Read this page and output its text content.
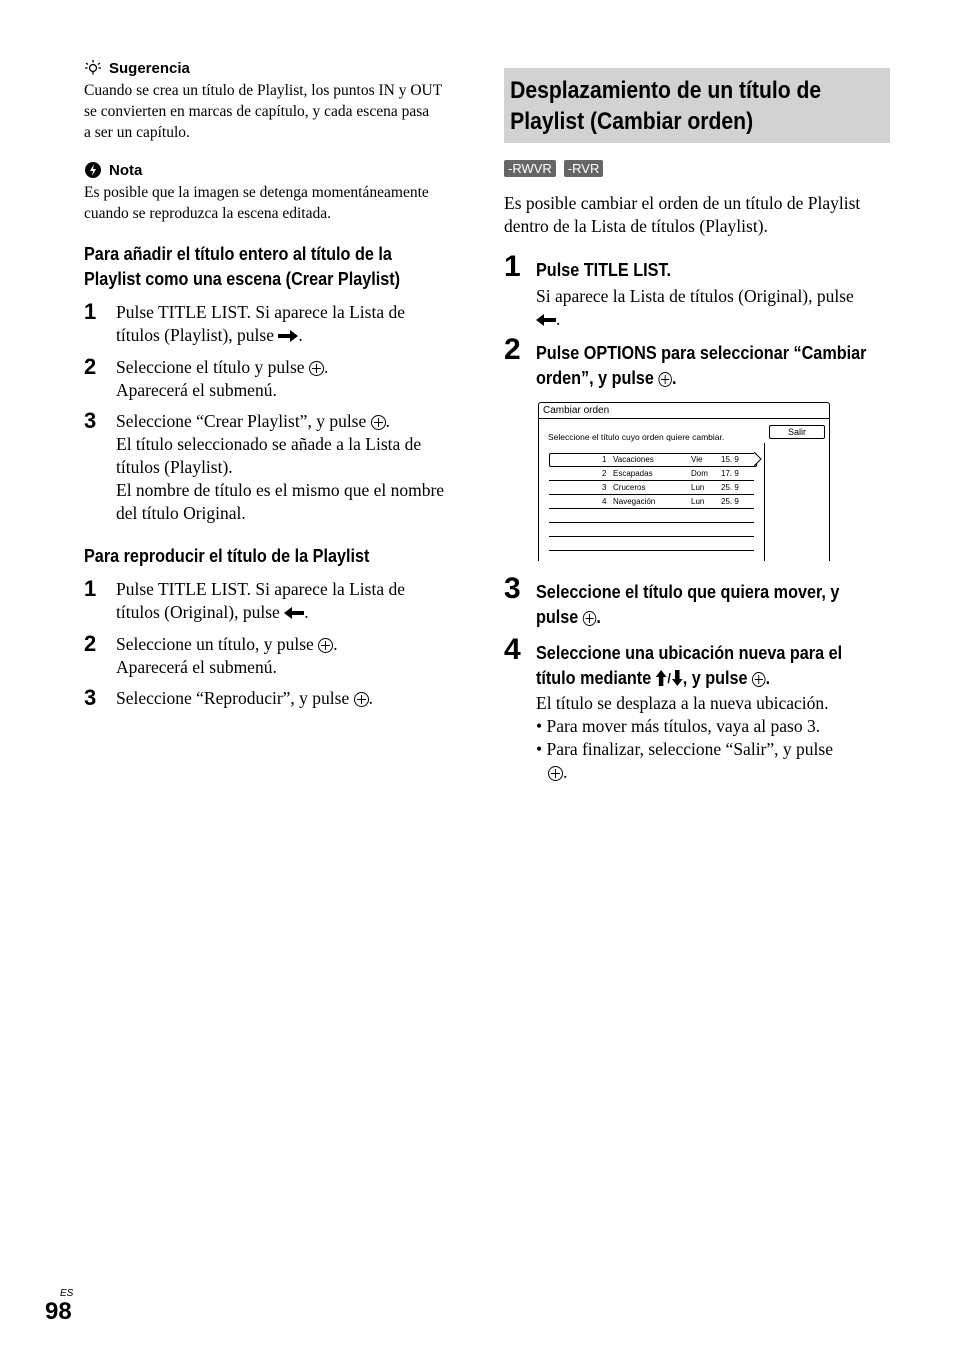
Sugerencia
Cuando se crea un título de Playlist, los puntos IN y OUT
se convierten en marcas de capítulo, y cada escena pasa
a ser un capítulo.
Nota
Es posible que la imagen se detenga momentáneamente
cuando se reproduzca la escena editada.
Para añadir el título entero al título de la
Playlist como una escena (Crear Playlist)
1 Pulse TITLE LIST. Si aparece la Lista de
títulos (Playlist), pulse .
2 Seleccione el título y pulse .
Aparecerá el submenú.
3 Seleccione “Crear Playlist”, y pulse .
El título seleccionado se añade a la Lista de
títulos (Playlist).
El nombre de título es el mismo que el nombre
del título Original.
Para reproducir el título de la Playlist
1 Pulse TITLE LIST. Si aparece la Lista de
títulos (Original), pulse .
2 Seleccione un título, y pulse .
Aparecerá el submenú.
3 Seleccione “Reproducir”, y pulse .
Desplazamiento de un título de
Playlist (Cambiar orden)
-RWVR -RVR
Es posible cambiar el orden de un título de Playlist
dentro de la Lista de títulos (Playlist).
1 Pulse TITLE LIST.
Si aparece la Lista de títulos (Original), pulse
.
2 Pulse OPTIONS para seleccionar “Cambiar
orden”, y pulse .
Cambiar orden
Seleccione el título cuyo orden quiere cambiar.	Salir
1 Vacaciones	Vie 15. 9
2 Escapadas	Dom 17. 9
3 Cruceros	Lun 25. 9
4 Navegación	Lun 25. 9
3 Seleccione el título que quiera mover, y
pulse .
4 Seleccione una ubicación nueva para el
título mediante / , y pulse .
El título se desplaza a la nueva ubicación.
• Para mover más títulos, vaya al paso 3.
• Para finalizar, seleccione “Salir”, y pulse
.
ES
98
